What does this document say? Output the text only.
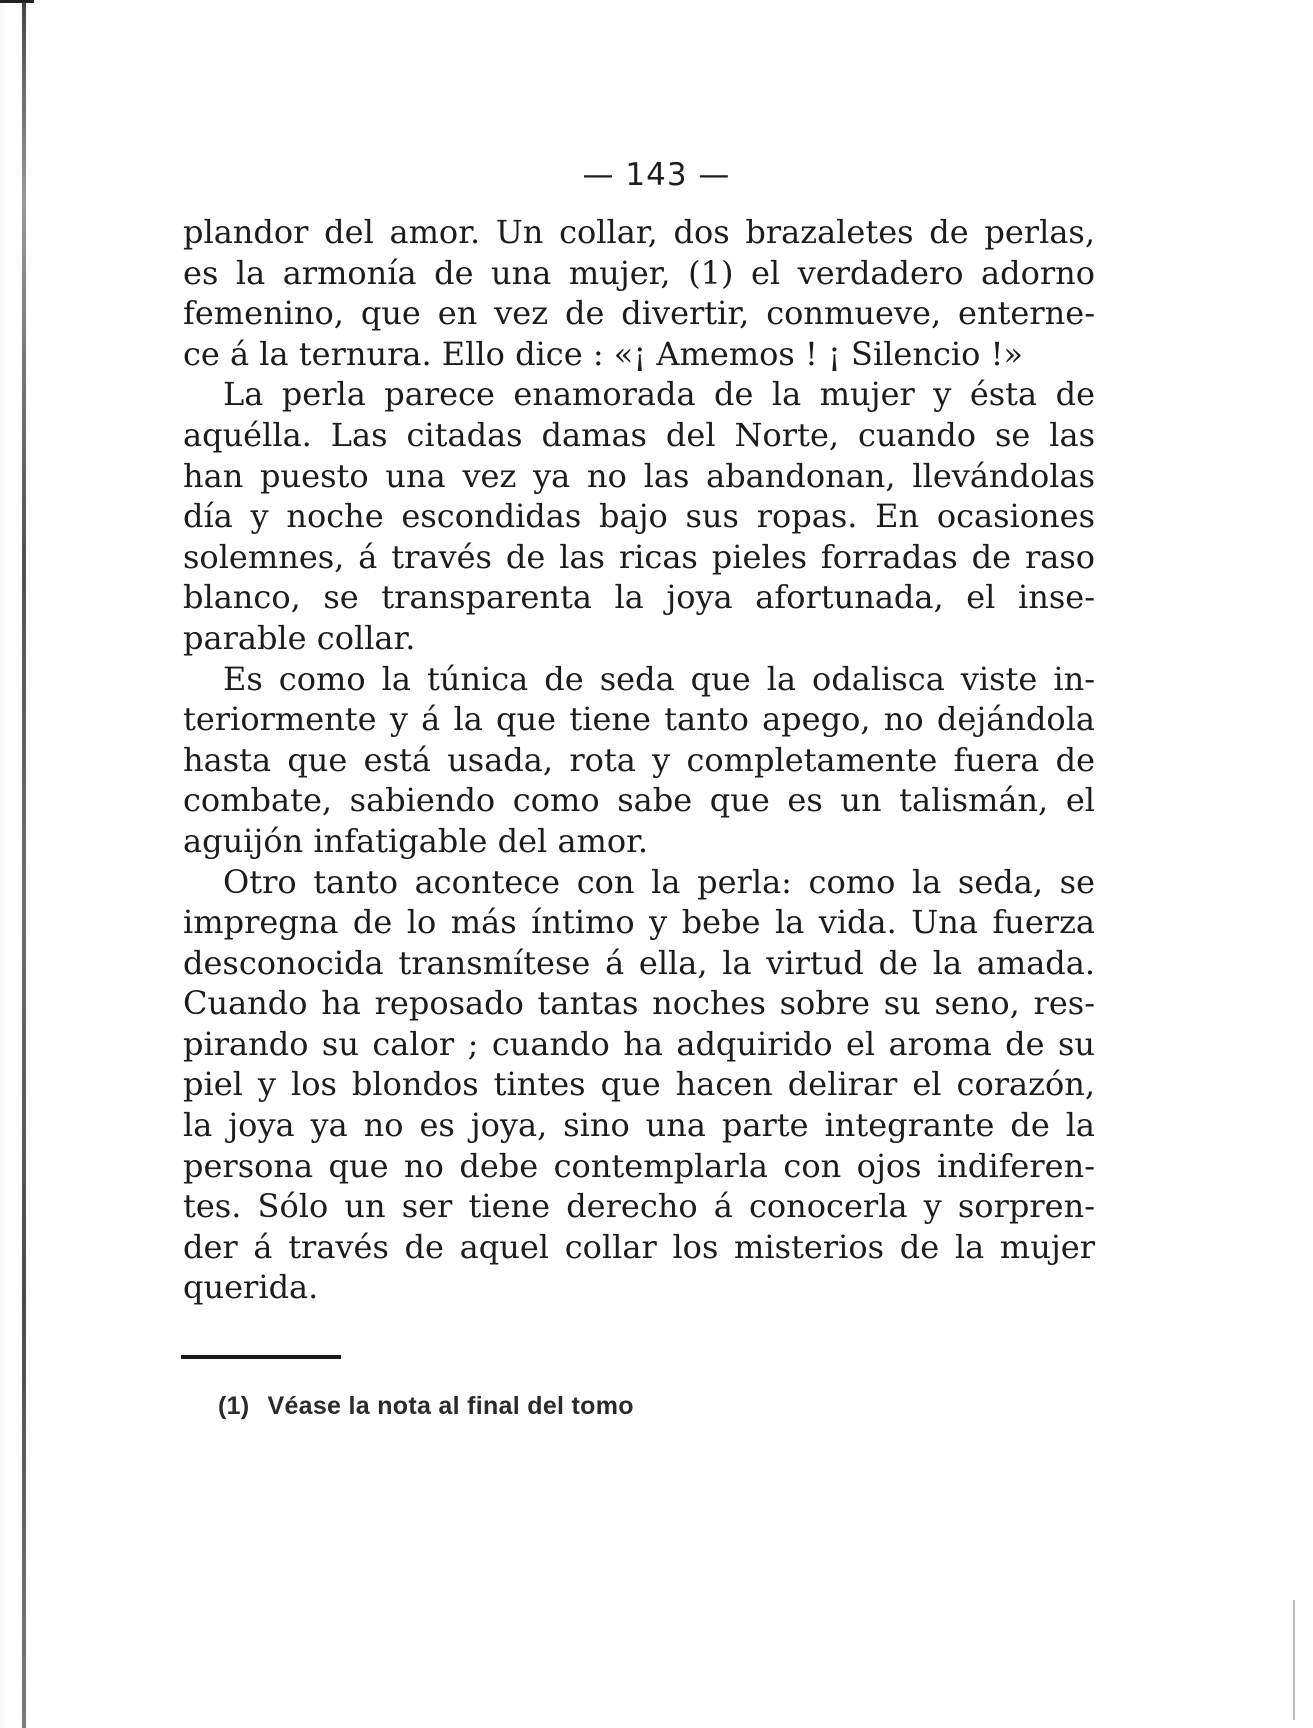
— 143 —
plandor del amor. Un collar, dos brazaletes de perlas,
es la armonía de una mujer, (1) el verdadero adorno
femenino, que en vez de divertir, conmueve, enterne-
ce á la ternura. Ello dice : «¡ Amemos ! ¡ Silencio !»
La perla parece enamorada de la mujer y ésta de
aquélla. Las citadas damas del Norte, cuando se las
han puesto una vez ya no las abandonan, llevándolas
día y noche escondidas bajo sus ropas. En ocasiones
solemnes, á través de las ricas pieles forradas de raso
blanco, se transparenta la joya afortunada, el inse-
parable collar.
Es como la túnica de seda que la odalisca viste in-
teriormente y á la que tiene tanto apego, no dejándola
hasta que está usada, rota y completamente fuera de
combate, sabiendo como sabe que es un talismán, el
aguijón infatigable del amor.
Otro tanto acontece con la perla: como la seda, se
impregna de lo más íntimo y bebe la vida. Una fuerza
desconocida transmítese á ella, la virtud de la amada.
Cuando ha reposado tantas noches sobre su seno, res-
pirando su calor ; cuando ha adquirido el aroma de su
piel y los blondos tintes que hacen delirar el corazón,
la joya ya no es joya, sino una parte integrante de la
persona que no debe contemplarla con ojos indiferen-
tes. Sólo un ser tiene derecho á conocerla y sorpren-
der á través de aquel collar los misterios de la mujer
querida.
(1) Véase la nota al final del tomo
